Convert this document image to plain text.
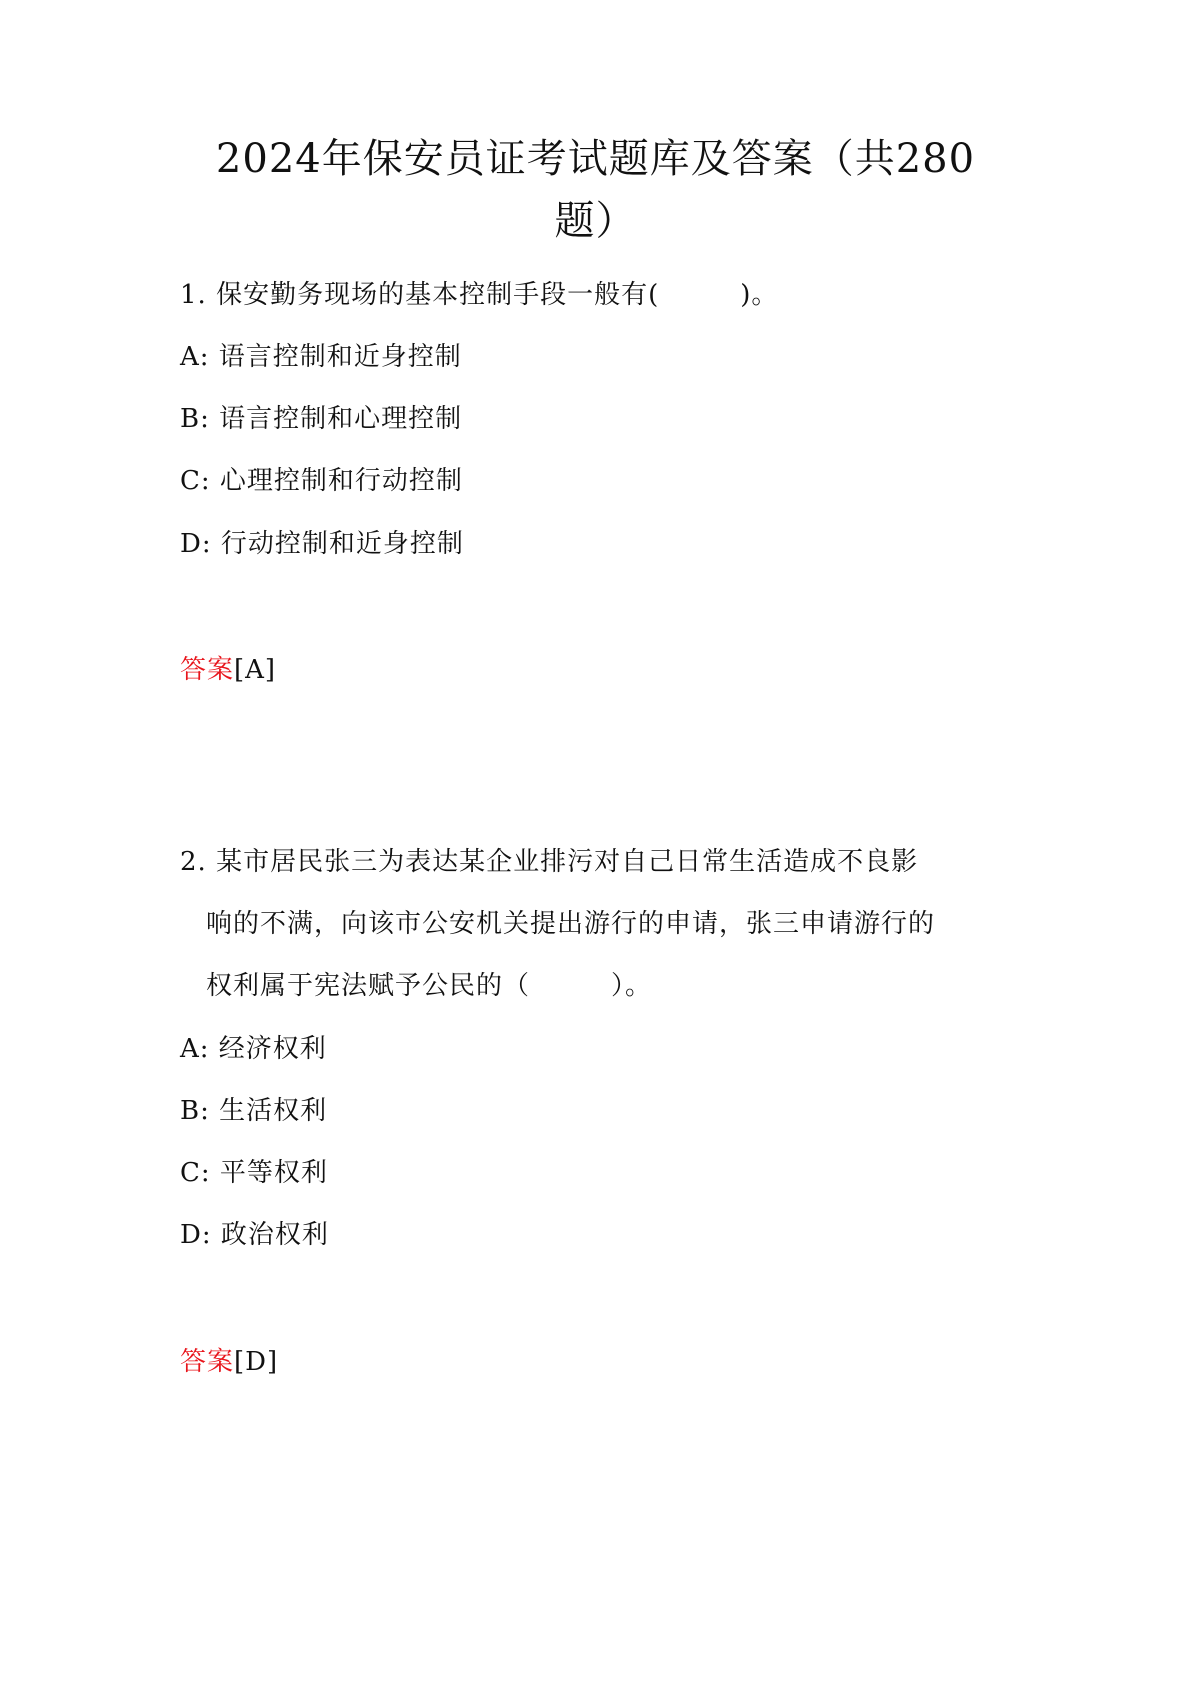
2024年保安员证考试题库及答案（共280
题）
1. 保安勤务现场的基本控制手段一般有(　　　)。
A: 语言控制和近身控制
B: 语言控制和心理控制
C: 心理控制和行动控制
D: 行动控制和近身控制
答案[A]
2. 某市居民张三为表达某企业排污对自己日常生活造成不良影
响的不满，向该市公安机关提出游行的申请，张三申请游行的
权利属于宪法赋予公民的（　　　）。
A: 经济权利
B: 生活权利
C: 平等权利
D: 政治权利
答案[D]
